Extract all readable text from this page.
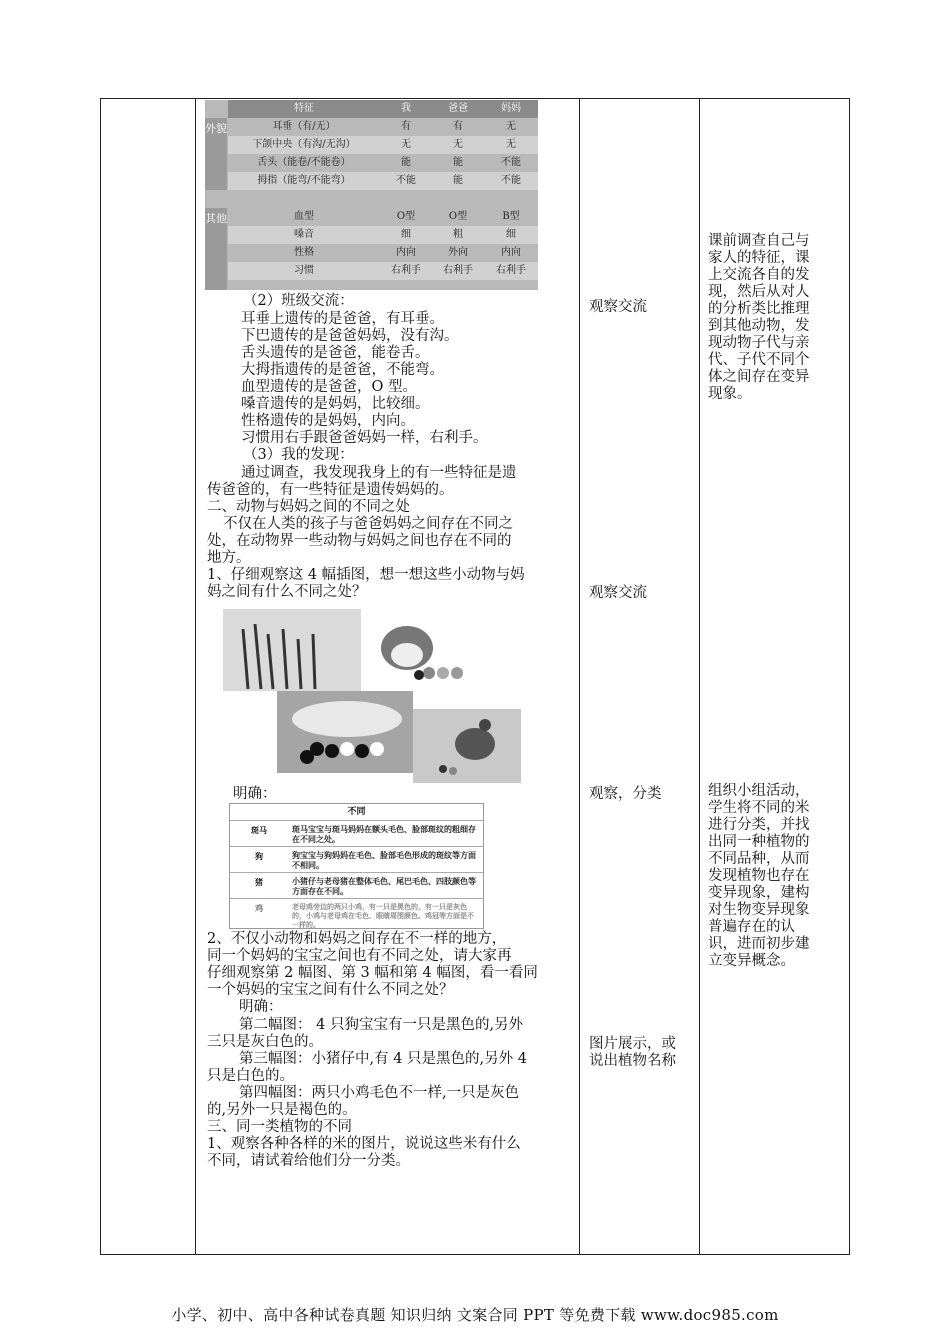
外貌
其他
特征	我	爸爸	妈妈
耳垂（有/无）	有	有	无
下颌中央（有沟/无沟）	无	无	无
舌头（能卷/不能卷）	能	能	不能
拇指（能弯/不能弯）	不能	能	不能
血型	O型	O型	B型
嗓音	细	粗	细
性格	内向	外向	内向
习惯	右利手	右利手	右利手
（2）班级交流：
耳垂上遗传的是爸爸，有耳垂。
下巴遗传的是爸爸妈妈，没有沟。
舌头遗传的是爸爸，能卷舌。
大拇指遗传的是爸爸，不能弯。
血型遗传的是爸爸，O 型。
嗓音遗传的是妈妈，比较细。
性格遗传的是妈妈，内向。
习惯用右手跟爸爸妈妈一样，右利手。
（3）我的发现：
通过调查，我发现我身上的有一些特征是遗
传爸爸的，有一些特征是遗传妈妈的。
二、动物与妈妈之间的不同之处
不仅在人类的孩子与爸爸妈妈之间存在不同之
处，在动物界一些动物与妈妈之间也存在不同的
地方。
1、仔细观察这 4 幅插图，想一想这些小动物与妈
妈之间有什么不同之处？
明确：
不同
斑马	斑马宝宝与斑马妈妈在额头毛色、脸部斑纹的粗细存在不同之处。
狗	狗宝宝与狗妈妈在毛色、脸部毛色形成的斑纹等方面不相同。
猪	小猪仔与老母猪在整体毛色、尾巴毛色、四肢颜色等方面存在不同。
鸡	老母鸡旁边的两只小鸡，有一只是黑色的，有一只是灰色的，小鸡与老母鸡在毛色、眼睛周围颜色、鸡冠等方面是不一样的。
2、不仅小动物和妈妈之间存在不一样的地方，
同一个妈妈的宝宝之间也有不同之处，请大家再
仔细观察第 2 幅图、第 3 幅和第 4 幅图，看一看同
一个妈妈的宝宝之间有什么不同之处？
明确：
第二幅图： 4 只狗宝宝有一只是黑色的,另外
三只是灰白色的。
第三幅图：小猪仔中,有 4 只是黑色的,另外 4
只是白色的。
第四幅图：两只小鸡毛色不一样,一只是灰色
的,另外一只是褐色的。
三、同一类植物的不同
1、观察各种各样的米的图片，说说这些米有什么
不同，请试着给他们分一分类。
观察交流
观察交流
观察，分类
图片展示，或
说出植物名称
课前调查自己与
家人的特征，课
上交流各自的发
现，然后从对人
的分析类比推理
到其他动物，发
现动物子代与亲
代、子代不同个
体之间存在变异
现象。
组织小组活动，
学生将不同的米
进行分类，并找
出同一种植物的
不同品种，从而
发现植物也存在
变异现象，建构
对生物变异现象
普遍存在的认
识，进而初步建
立变异概念。
小学、初中、高中各种试卷真题 知识归纳 文案合同 PPT 等免费下载 www.doc985.com
